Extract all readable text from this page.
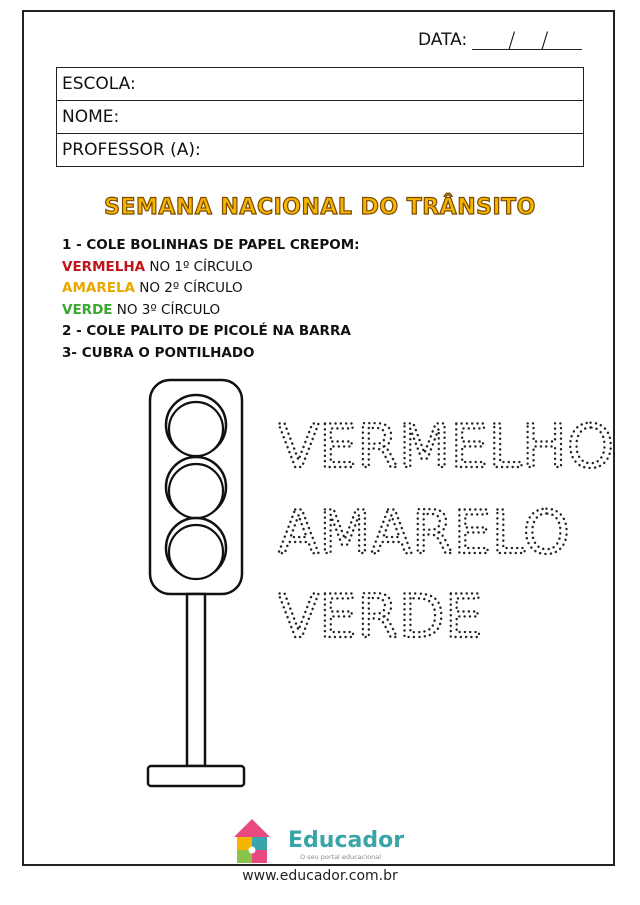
DATA: / /
ESCOLA:
NOME:
PROFESSOR (A):
SEMANA NACIONAL DO TRÂNSITO
1 - COLE BOLINHAS DE PAPEL CREPOM:
VERMELHA NO 1º CÍRCULO
AMARELA NO 2º CÍRCULO
VERDE NO 3º CÍRCULO
2 - COLE PALITO DE PICOLÉ NA BARRA
3- CUBRA O PONTILHADO
VERMELHO
AMARELO
VERDE
Educador
O seu portal educacional
www.educador.com.br
